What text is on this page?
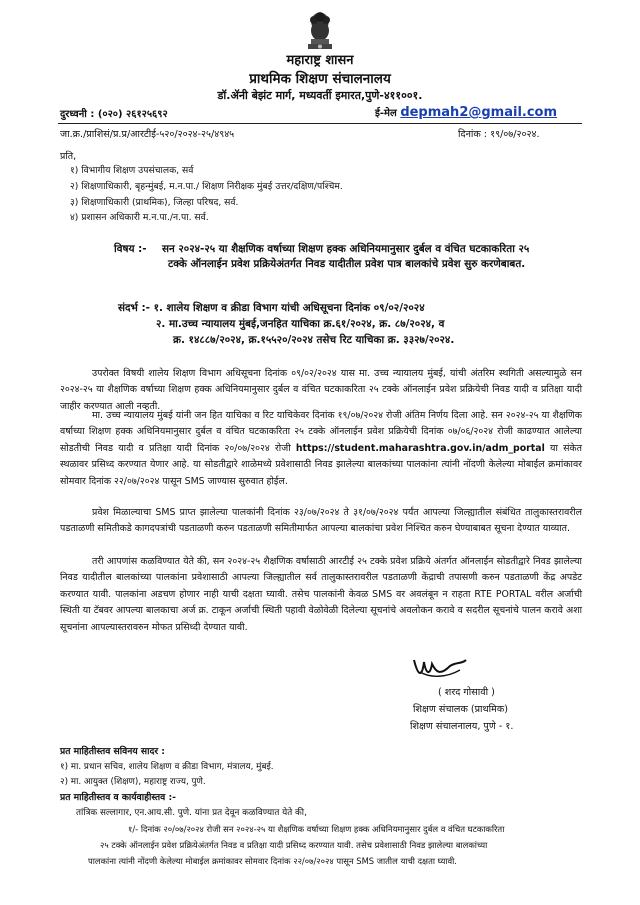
महाराष्ट्र शासन
प्राथमिक शिक्षण संचालनालय
डॉ.ॲनी बेझंट मार्ग, मध्यवर्ती इमारत,पुणे-४११००१.
दुरध्वनी : (०२०) २६१२५६९२	ई-मेल depmah2@gmail.com
जा.क्र./प्राशिसं/प्र.प्र/आरटीई-५२०/२०२४-२५/४९४५	दिनांक : १९/०७/२०२४.
प्रति,
१) विभागीय शिक्षण उपसंचालक, सर्व
२) शिक्षणाधिकारी, बृहन्मुंबई, म.न.पा./ शिक्षण निरीक्षक मुंबई उत्तर/दक्षिण/पश्चिम.
३) शिक्षणाधिकारी (प्राथमिक), जिल्हा परिषद, सर्व.
४) प्रशासन अधिकारी म.न.पा./न.पा. सर्व.
विषय :-	सन २०२४-२५ या शैक्षणिक वर्षाच्या शिक्षण हक्क अधिनियमानुसार दुर्बल व वंचित घटकाकरिता २५ टक्के ऑनलाईन प्रवेश प्रक्रियेअंतर्गत निवड यादीतील प्रवेश पात्र बालकांचे प्रवेश सुरु करणेबाबत.
संदर्भ :- १. शालेय शिक्षण व क्रीडा विभाग यांची अधिसूचना दिनांक ०९/०२/२०२४
२. मा.उच्च न्यायालय मुंबई,जनहित याचिका क्र.६१/२०२४, क्र. ८७/२०२४, व
क्र. १४८८७/२०२४, क्र.१५५२०/२०२४ तसेच रिट याचिका क्र. ३३२७/२०२४.

उपरोक्त विषयी शालेय शिक्षण विभाग अधिसूचना दिनांक ०९/०२/२०२४ यास मा. उच्च न्यायालय मुंबई, यांची अंतरिम स्थगिती असल्यामुळे सन २०२४-२५ या शैक्षणिक वर्षाच्या शिक्षण हक्क अधिनियमानुसार दुर्बल व वंचित घटकाकरिता २५ टक्के ऑनलाईन प्रवेश प्रक्रियेची निवड यादी व प्रतिक्षा यादी जाहीर करण्यात आली नव्हती.

मा. उच्च न्यायालय मुंबई यांनी जन हित याचिका व रिट याचिकेवर दिनांक १९/०७/२०२४ रोजी अंतिम निर्णय दिला आहे. सन २०२४-२५ या शैक्षणिक वर्षाच्या शिक्षण हक्क अधिनियमानुसार दुर्बल व वंचित घटकाकरिता २५ टक्के ऑनलाईन प्रवेश प्रक्रियेची दिनांक ०७/०६/२०२४ रोजी काढण्यात आलेल्या सोडतीची निवड यादी व प्रतिक्षा यादी दिनांक २०/०७/२०२४ रोजी https://student.maharashtra.gov.in/adm_portal या संकेत स्थळावर प्रसिध्द करण्यात येणार आहे. या सोडतीद्वारे शाळेमध्ये प्रवेशासाठी निवड झालेल्या बालकांच्या पालकांना त्यांनी नोंदणी केलेल्या मोबाईल क्रमांकावर सोमवार दिनांक २२/०७/२०२४ पासून SMS जाण्यास सुरुवात होईल.

प्रवेश मिळाल्याचा SMS प्राप्त झालेल्या पालकांनी दिनांक २३/०७/२०२४ ते ३१/०७/२०२४ पर्यंत आपल्या जिल्ह्यातील संबंधित तालुकास्तरावरील पडताळणी समितीकडे कागदपत्रांची पडताळणी करुन पडताळणी समितीमार्फत आपल्या बालकांचा प्रवेश निश्चित करुन घेण्याबाबत सूचना देण्यात याव्यात.

तरी आपणांस कळविण्यात येते की, सन २०२४-२५ शैक्षणिक वर्षासाठी आरटीई २५ टक्के प्रवेश प्रक्रिये अंतर्गत ऑनलाईन सोडतीद्वारे निवड झालेल्या निवड यादीतील बालकांच्या पालकांना प्रवेशासाठी आपल्या जिल्ह्यातील सर्व तालुकास्तरावरील पडताळणी केंद्राची तपासणी करुन पडताळणी केंद्र अपडेट करण्यात यावी. पालकांना अडचण होणार नाही याची दक्षता घ्यावी. तसेच पालकांनी केवळ SMS वर अवलंबून न राहता RTE PORTAL वरील अर्जाची स्थिती या टॅबवर आपल्या बालकाचा अर्ज क्र. टाकून अर्जाची स्थिती पहावी वेळोवेळी दिलेल्या सूचनांचे अवलोकन करावे व सदरील सूचनांचे पालन करावे अशा सूचनांना आपल्यास्तरावरुन मोफत प्रसिध्दी देण्यात यावी.

( शरद गोसावी )
शिक्षण संचालक (प्राथमिक)
शिक्षण संचालनालय, पुणे - १.
प्रत माहितीस्तव सविनय सादर :
१) मा. प्रधान सचिव, शालेय शिक्षण व क्रीडा विभाग, मंत्रालय, मुंबई.
२) मा. आयुक्त (शिक्षण), महाराष्ट्र राज्य, पुणे.
प्रत माहितीस्तव व कार्यवाहीस्तव :-
तांत्रिक सल्लागार, एन.आय.सी. पुणे. यांना प्रत देवून कळविण्यात येते की,
१/- दिनांक २०/०७/२०२४ रोजी सन २०२४-२५ या शैक्षणिक वर्षाच्या शिक्षण हक्क अधिनियमानुसार दुर्बल व वंचित घटकाकरिता
२५ टक्के ऑनलाईन प्रवेश प्रक्रियेअंतर्गत निवड व प्रतिक्षा यादी प्रसिध्द करण्यात यावी. तसेच प्रवेशासाठी निवड झालेल्या बालकांच्या
पालकांना त्यांनी नोंदणी केलेल्या मोबाईल क्रमांकावर सोमवार दिनांक २२/०७/२०२४ पासून SMS जातील याची दक्षता घ्यावी.
